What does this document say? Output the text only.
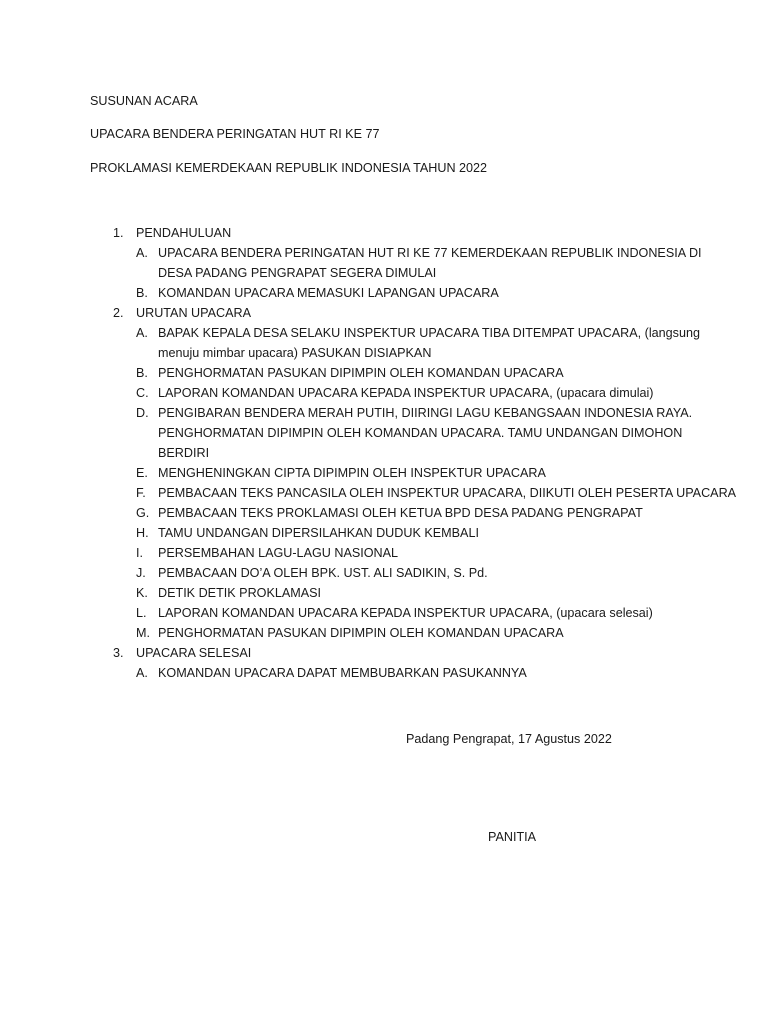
SUSUNAN ACARA
UPACARA BENDERA PERINGATAN HUT RI KE 77
PROKLAMASI KEMERDEKAAN REPUBLIK INDONESIA TAHUN 2022
1. PENDAHULUAN
A. UPACARA BENDERA PERINGATAN HUT RI KE 77 KEMERDEKAAN REPUBLIK INDONESIA DI
DESA PADANG PENGRAPAT SEGERA DIMULAI
B. KOMANDAN UPACARA MEMASUKI LAPANGAN UPACARA
2. URUTAN UPACARA
A. BAPAK KEPALA DESA SELAKU INSPEKTUR UPACARA TIBA DITEMPAT UPACARA, (langsung
menuju mimbar upacara) PASUKAN DISIAPKAN
B. PENGHORMATAN PASUKAN DIPIMPIN OLEH KOMANDAN UPACARA
C. LAPORAN KOMANDAN UPACARA KEPADA INSPEKTUR UPACARA, (upacara dimulai)
D. PENGIBARAN BENDERA MERAH PUTIH, DIIRINGI LAGU KEBANGSAAN INDONESIA RAYA.
PENGHORMATAN DIPIMPIN OLEH KOMANDAN UPACARA. TAMU UNDANGAN DIMOHON
BERDIRI
E. MENGHENINGKAN CIPTA DIPIMPIN OLEH INSPEKTUR UPACARA
F. PEMBACAAN TEKS PANCASILA OLEH INSPEKTUR UPACARA, DIIKUTI OLEH PESERTA UPACARA
G. PEMBACAAN TEKS PROKLAMASI OLEH KETUA BPD DESA PADANG PENGRAPAT
H. TAMU UNDANGAN DIPERSILAHKAN DUDUK KEMBALI
I. PERSEMBAHAN LAGU-LAGU NASIONAL
J. PEMBACAAN DO’A OLEH BPK. UST. ALI SADIKIN, S. Pd.
K. DETIK DETIK PROKLAMASI
L. LAPORAN KOMANDAN UPACARA KEPADA INSPEKTUR UPACARA, (upacara selesai)
M. PENGHORMATAN PASUKAN DIPIMPIN OLEH KOMANDAN UPACARA
3. UPACARA SELESAI
A. KOMANDAN UPACARA DAPAT MEMBUBARKAN PASUKANNYA
Padang Pengrapat, 17 Agustus 2022
PANITIA
